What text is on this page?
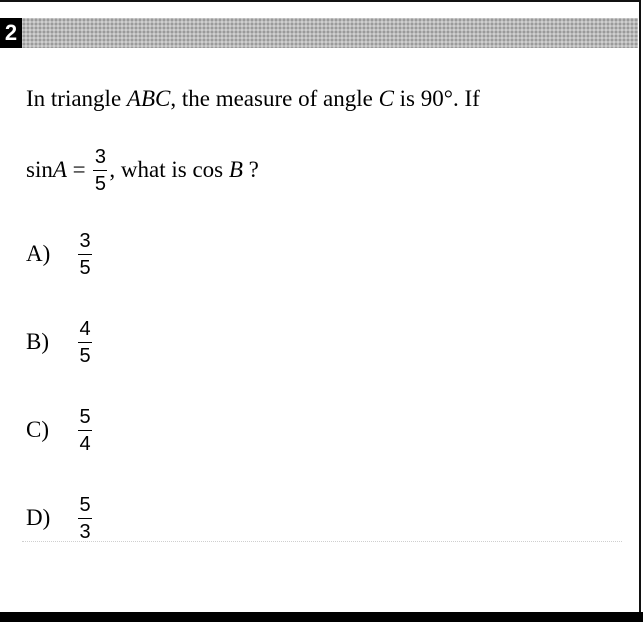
2
In triangle ABC, the measure of angle C is 90°. If
$\sin A = \frac{3}{5}$ , what is cos B ?
A)	$\frac{3}{5}$
B)	$\frac{4}{5}$
C)	$\frac{5}{4}$
D)	$\frac{5}{3}$
